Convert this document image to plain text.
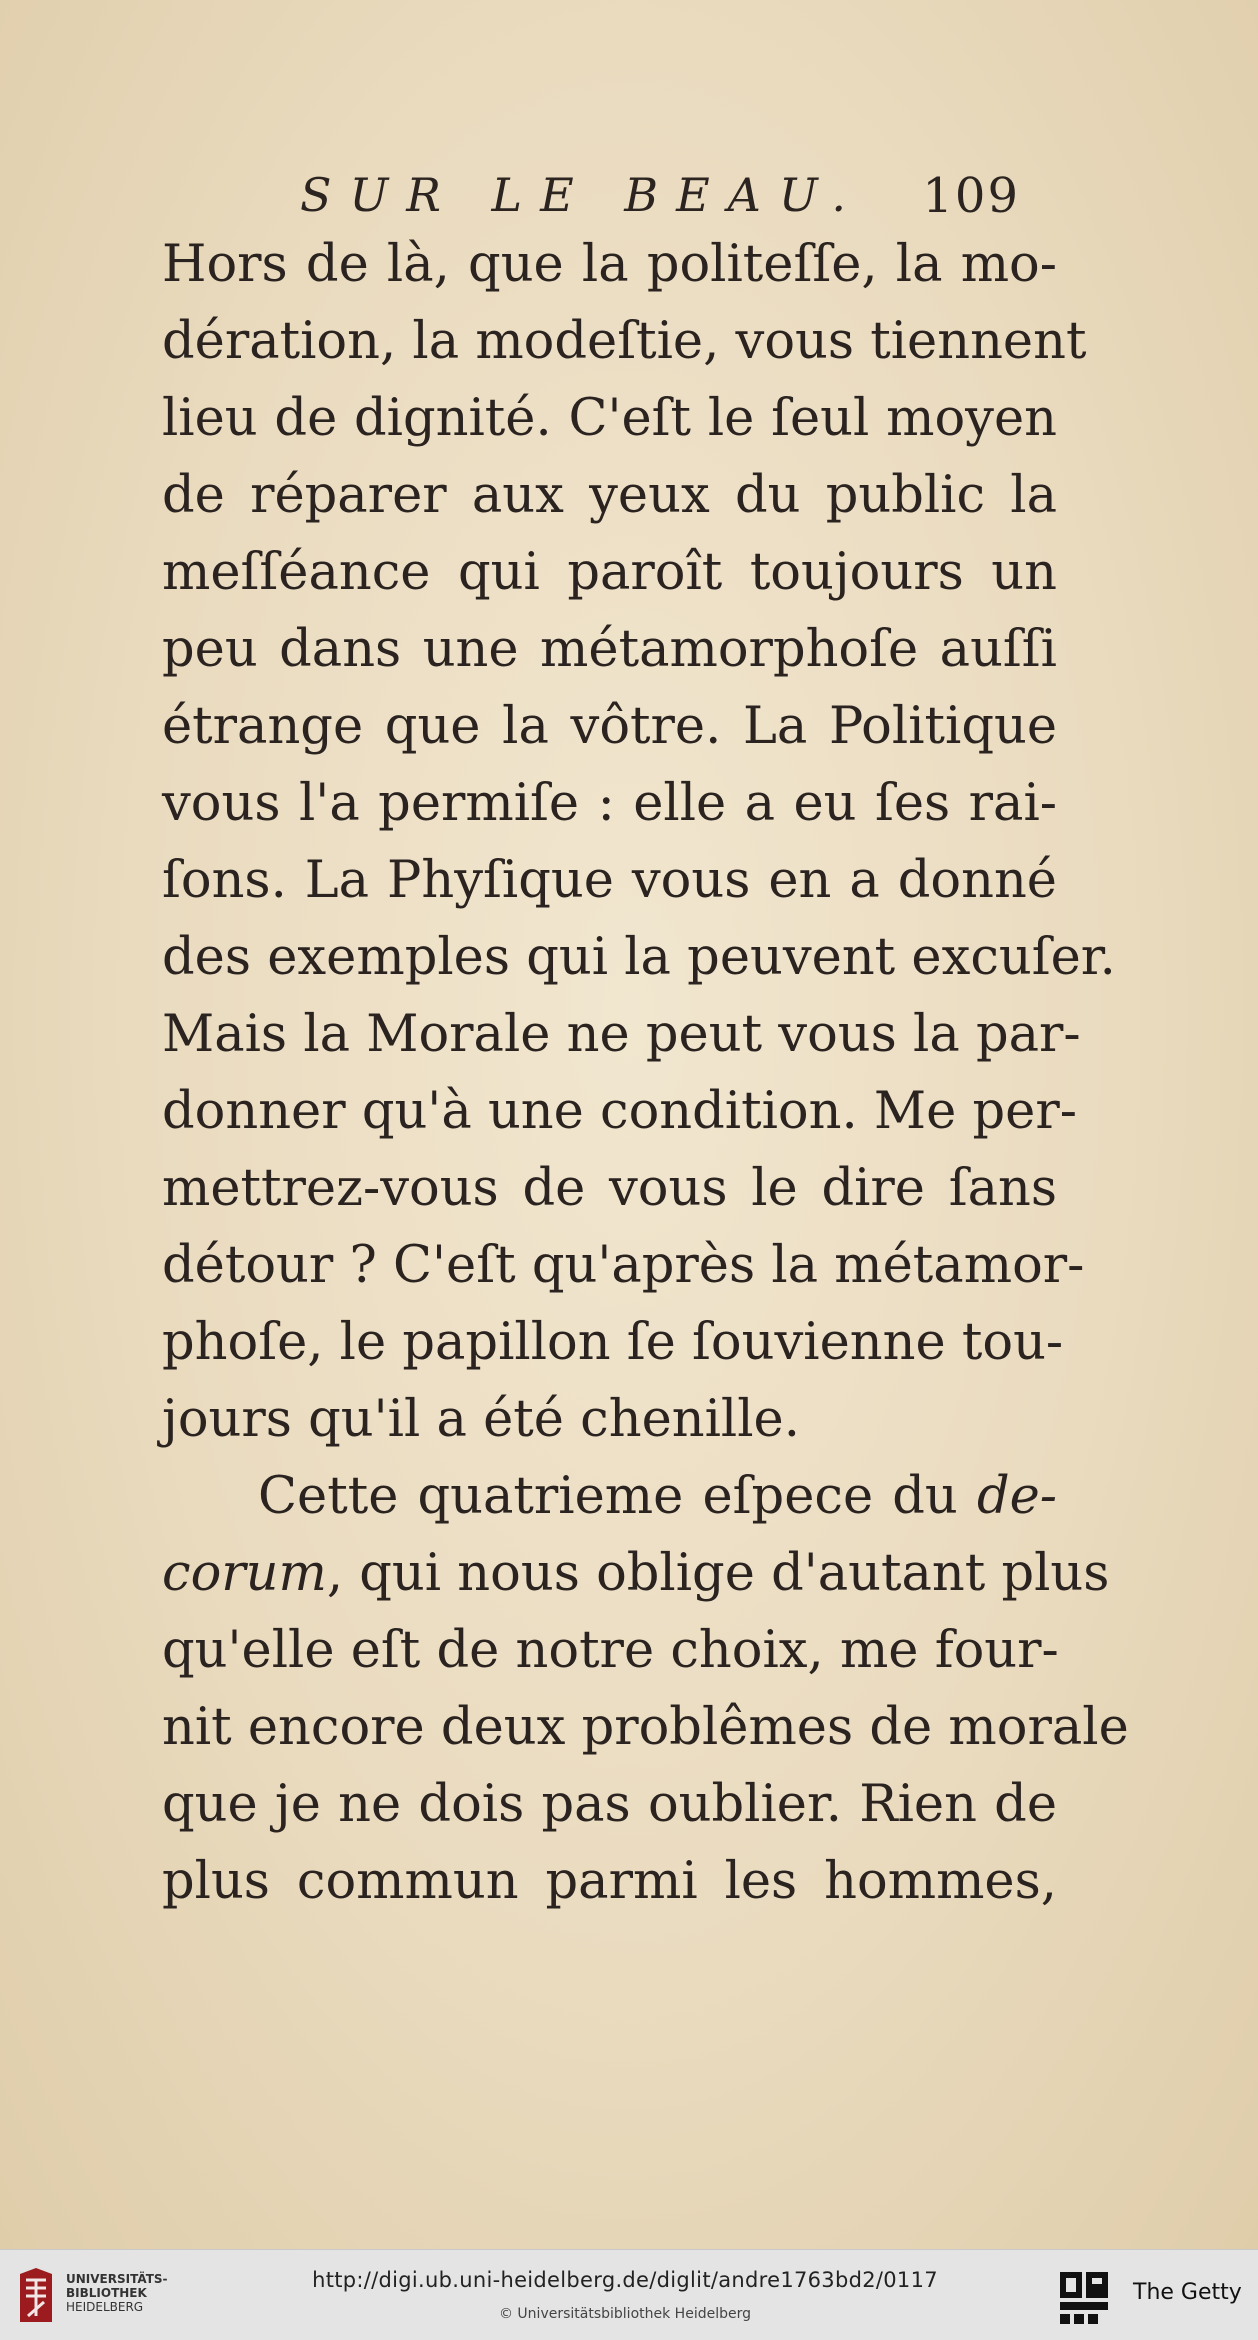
SUR LE BEAU. 109
Hors de là, que la politeſſe, la mo-
dération, la modeſtie, vous tiennent
lieu de dignité. C'eſt le ſeul moyen
de réparer aux yeux du public la
meſſéance qui paroît toujours un
peu dans une métamorphoſe auſſi
étrange que la vôtre. La Politique
vous l'a permiſe : elle a eu ſes rai-
ſons. La Phyſique vous en a donné
des exemples qui la peuvent excuſer.
Mais la Morale ne peut vous la par-
donner qu'à une condition. Me per-
mettrez-vous de vous le dire ſans
détour ? C'eſt qu'après la métamor-
phoſe, le papillon ſe ſouvienne tou-
jours qu'il a été chenille.
Cette quatrieme eſpece du de-
corum, qui nous oblige d'autant plus
qu'elle eſt de notre choix, me four-
nit encore deux problêmes de morale
que je ne dois pas oublier. Rien de
plus commun parmi les hommes,
UNIVERSITÄTS-
BIBLIOTHEK
HEIDELBERG
http://digi.ub.uni-heidelberg.de/diglit/andre1763bd2/0117
© Universitätsbibliothek Heidelberg
The Getty
